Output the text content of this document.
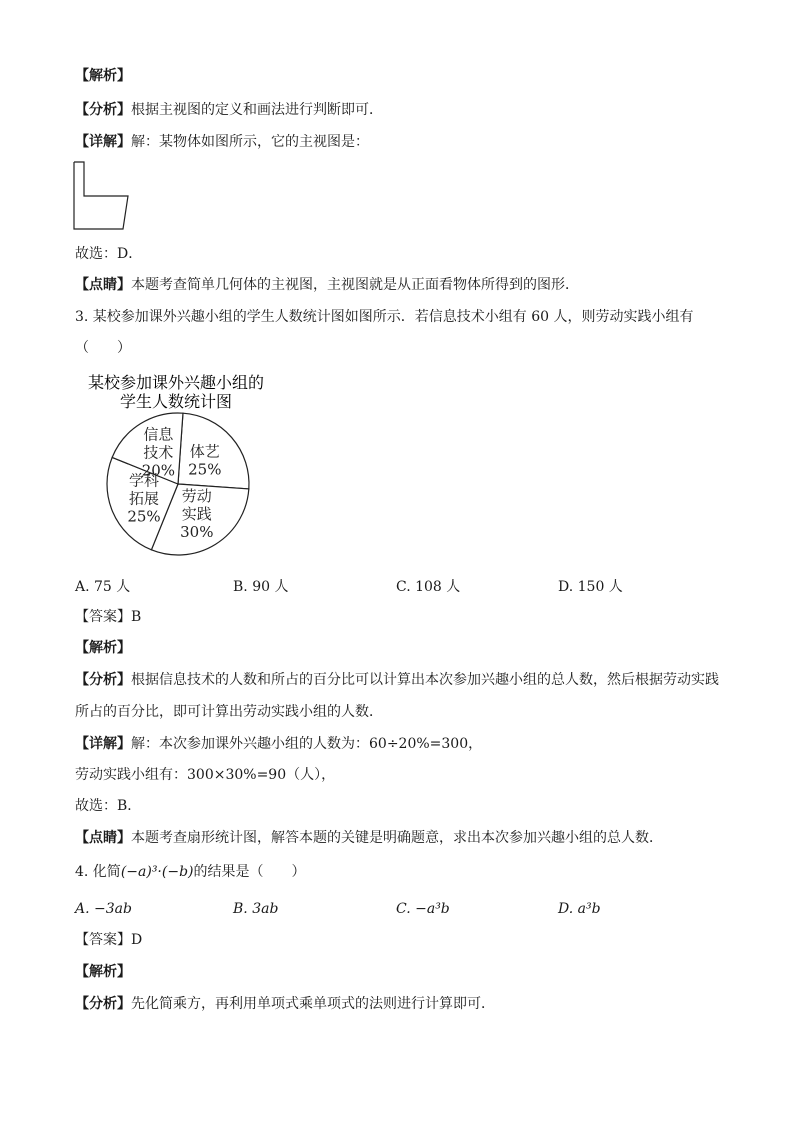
【解析】
【分析】根据主视图的定义和画法进行判断即可．
【详解】解：某物体如图所示，它的主视图是：
故选：D．
【点睛】本题考查简单几何体的主视图，主视图就是从正面看物体所得到的图形．
3. 某校参加课外兴趣小组的学生人数统计图如图所示．若信息技术小组有 60 人，则劳动实践小组有
（　　）
某校参加课外兴趣小组的
学生人数统计图
体艺
25%
劳动
实践
30%
学科
拓展
25%
信息
技术
20%
A. 75 人	B. 90 人	C. 108 人	D. 150 人
【答案】B
【解析】
【分析】根据信息技术的人数和所占的百分比可以计算出本次参加兴趣小组的总人数，然后根据劳动实践
所占的百分比，即可计算出劳动实践小组的人数．
【详解】解：本次参加课外兴趣小组的人数为：60÷20%=300，
劳动实践小组有：300×30%=90（人），
故选：B．
【点睛】本题考查扇形统计图，解答本题的关键是明确题意，求出本次参加兴趣小组的总人数．
4. 化简(−a)³·(−b)的结果是（　　）
A. −3ab	B. 3ab	C. −a³b	D. a³b
【答案】D
【解析】
【分析】先化简乘方，再利用单项式乘单项式的法则进行计算即可．
